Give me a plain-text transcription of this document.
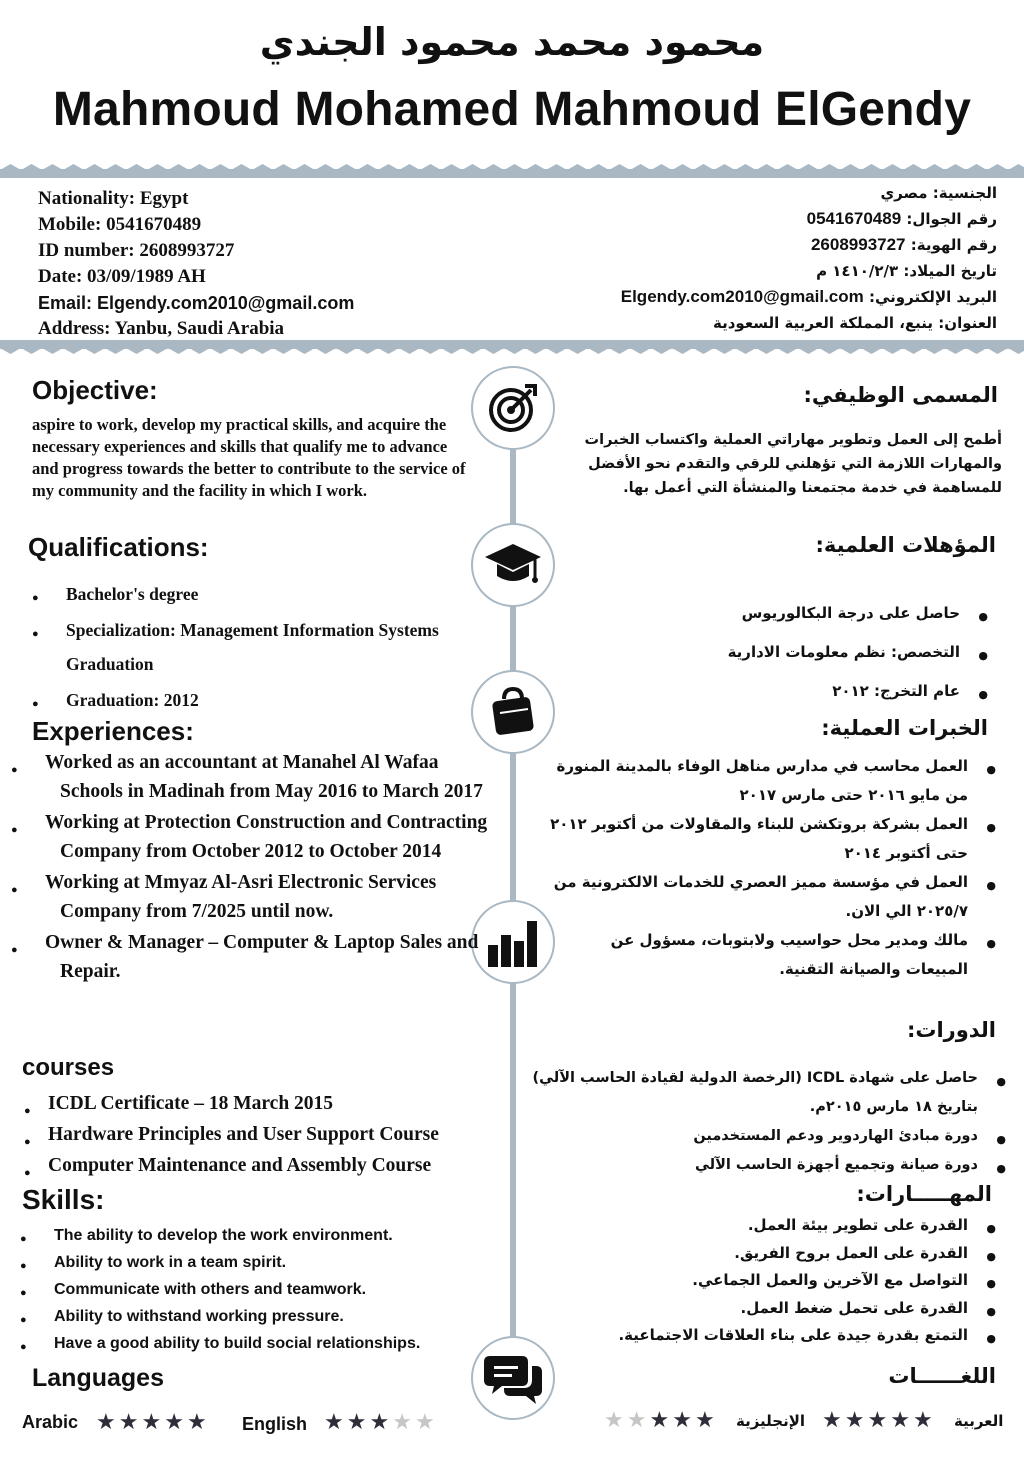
محمود محمد محمود الجندي
Mahmoud Mohamed Mahmoud ElGendy
Nationality: Egypt
Mobile: 0541670489
ID number: 2608993727
Date: 03/09/1989 AH
Email: Elgendy.com2010@gmail.com
Address: Yanbu, Saudi Arabia
الجنسية: مصري
رقم الجوال: 0541670489
رقم الهوية: 2608993727
تاريخ الميلاد: ١٤١٠/٢/٣ م
البريد الإلكتروني: Elgendy.com2010@gmail.com
العنوان: ينبع، المملكة العربية السعودية
Objective:
aspire to work, develop my practical skills, and acquire the necessary experiences and skills that qualify me to advance and progress towards the better to contribute to the service of my community and the facility in which I work.
المسمى الوظيفي:
أطمح إلى العمل وتطوير مهاراتي العملية واكتساب الخبرات والمهارات اللازمة التي تؤهلني للرقي والتقدم نحو الأفضل للمساهمة في خدمة مجتمعنا والمنشأة التي أعمل بها.
Qualifications:
● Bachelor's degree
● Specialization: Management Information Systems Graduation
● Graduation: 2012
المؤهلات العلمية:
● حاصل على درجة البكالوريوس
● التخصص: نظم معلومات الادارية
● عام التخرج: ٢٠١٢
Experiences:
● Worked as an accountant at Manahel Al Wafaa Schools in Madinah from May 2016 to March 2017
● Working at Protection Construction and Contracting Company from October 2012 to October 2014
● Working at Mmyaz Al-Asri Electronic Services Company from 7/2025 until now.
● Owner & Manager – Computer & Laptop Sales and Repair.
الخبرات العملية:
● العمل محاسب في مدارس مناهل الوفاء بالمدينة المنورة من مايو ٢٠١٦ حتى مارس ٢٠١٧
● العمل بشركة بروتكشن للبناء والمقاولات من أكتوبر ٢٠١٢ حتى أكتوبر ٢٠١٤
● العمل في مؤسسة مميز العصري للخدمات الالكترونية من ٢٠٢٥/٧ الي الان.
● مالك ومدير محل حواسيب ولابتوبات، مسؤول عن المبيعات والصيانة التقنية.
courses
● ICDL Certificate – 18 March 2015
● Hardware Principles and User Support Course
● Computer Maintenance and Assembly Course
الدورات:
● حاصل على شهادة ICDL (الرخصة الدولية لقيادة الحاسب الآلي) بتاريخ ١٨ مارس ٢٠١٥م.
● دورة مبادئ الهاردوير ودعم المستخدمين
● دورة صيانة وتجميع أجهزة الحاسب الآلي
Skills:
● The ability to develop the work environment.
● Ability to work in a team spirit.
● Communicate with others and teamwork.
● Ability to withstand working pressure.
● Have a good ability to build social relationships.
المهـــــارات:
● القدرة على تطوير بيئة العمل.
● القدرة على العمل بروح الفريق.
● التواصل مع الآخرين والعمل الجماعي.
● القدرة على تحمل ضغط العمل.
● التمتع بقدرة جيدة على بناء العلاقات الاجتماعية.
Languages	اللغــــــات
Arabic ★★★★★ English ★★★★★	★★★★★ الإنجليزية ★★★★★ العربية
